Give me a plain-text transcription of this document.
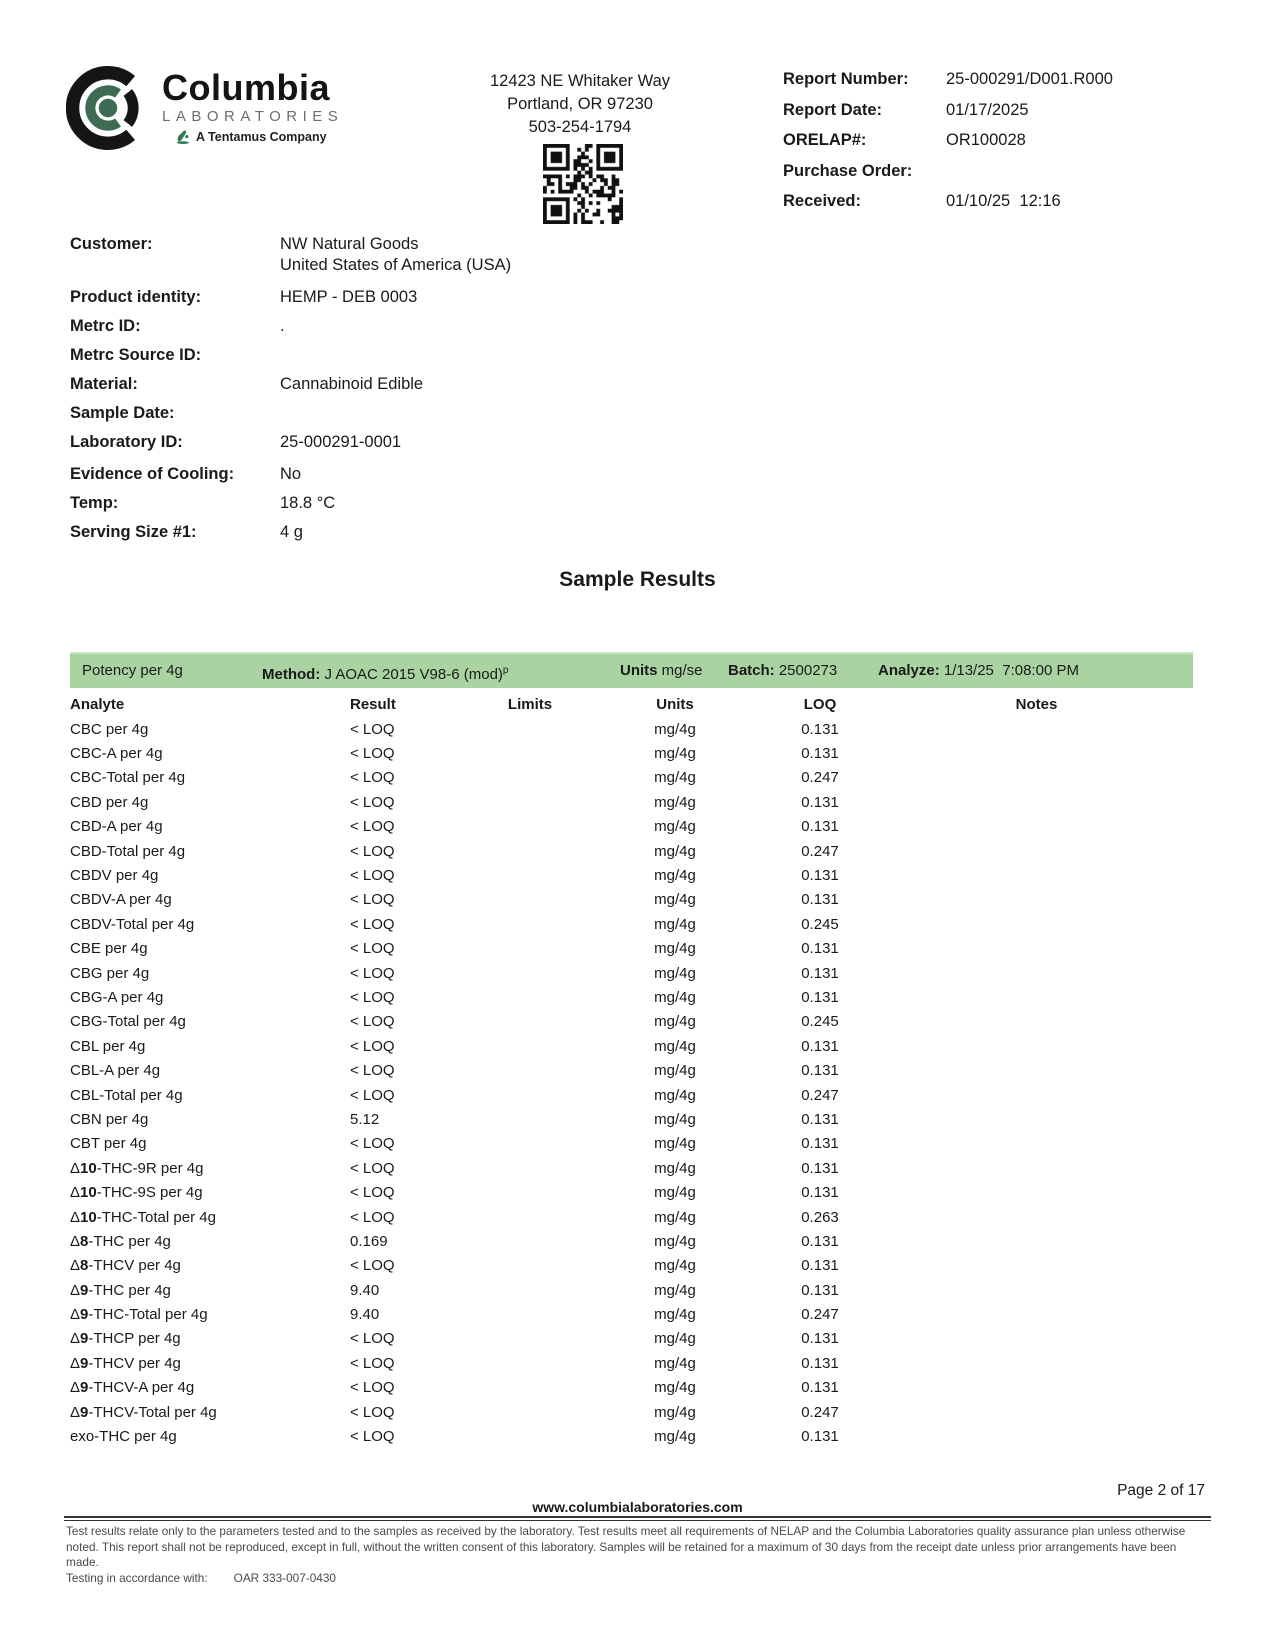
Columbia
LABORATORIES
A Tentamus Company
12423 NE Whitaker Way
Portland, OR 97230
503-254-1794
Report Number: 25-000291/D001.R000
Report Date:	01/17/2025
ORELAP#:	OR100028
Purchase Order:
Received:	01/10/25  12:16
Customer:	NW Natural Goods
United States of America (USA)
Product identity:	HEMP - DEB 0003
Metrc ID:	.
Metrc Source ID:
Material:	Cannabinoid Edible
Sample Date:
Laboratory ID:	25-000291-0001
Evidence of Cooling:	No
Temp:	18.8 °C
Serving Size #1:	4 g
Sample Results
Potency per 4g	Method: J AOAC 2015 V98-6 (mod)$^p$	Units mg/se Batch: 2500273	Analyze: 1/13/25  7:08:00 PM
Analyte	Result	Limits	Units	LOQ	Notes
CBC per 4g	< LOQ		mg/4g	0.131	
CBC-A per 4g	< LOQ		mg/4g	0.131	
CBC-Total per 4g	< LOQ		mg/4g	0.247	
CBD per 4g	< LOQ		mg/4g	0.131	
CBD-A per 4g	< LOQ		mg/4g	0.131	
CBD-Total per 4g	< LOQ		mg/4g	0.247	
CBDV per 4g	< LOQ		mg/4g	0.131	
CBDV-A per 4g	< LOQ		mg/4g	0.131	
CBDV-Total per 4g	< LOQ		mg/4g	0.245	
CBE per 4g	< LOQ		mg/4g	0.131	
CBG per 4g	< LOQ		mg/4g	0.131	
CBG-A per 4g	< LOQ		mg/4g	0.131	
CBG-Total per 4g	< LOQ		mg/4g	0.245	
CBL per 4g	< LOQ		mg/4g	0.131	
CBL-A per 4g	< LOQ		mg/4g	0.131	
CBL-Total per 4g	< LOQ		mg/4g	0.247	
CBN per 4g	5.12		mg/4g	0.131	
CBT per 4g	< LOQ		mg/4g	0.131	
Δ10-THC-9R per 4g	< LOQ		mg/4g	0.131	
Δ10-THC-9S per 4g	< LOQ		mg/4g	0.131	
Δ10-THC-Total per 4g	< LOQ		mg/4g	0.263	
Δ8-THC per 4g	0.169		mg/4g	0.131	
Δ8-THCV per 4g	< LOQ		mg/4g	0.131	
Δ9-THC per 4g	9.40		mg/4g	0.131	
Δ9-THC-Total per 4g	9.40		mg/4g	0.247	
Δ9-THCP per 4g	< LOQ		mg/4g	0.131	
Δ9-THCV per 4g	< LOQ		mg/4g	0.131	
Δ9-THCV-A per 4g	< LOQ		mg/4g	0.131	
Δ9-THCV-Total per 4g	< LOQ		mg/4g	0.247	
exo-THC per 4g	< LOQ		mg/4g	0.131	
Page 2 of 17
www.columbialaboratories.com
Test results relate only to the parameters tested and to the samples as received by the laboratory. Test results meet all requirements of NELAP and the Columbia Laboratories quality assurance plan unless otherwise noted. This report shall not be reproduced, except in full, without the written consent of this laboratory. Samples will be retained for a maximum of 30 days from the receipt date unless prior arrangements have been made.
Testing in accordance with: OAR 333-007-0430
